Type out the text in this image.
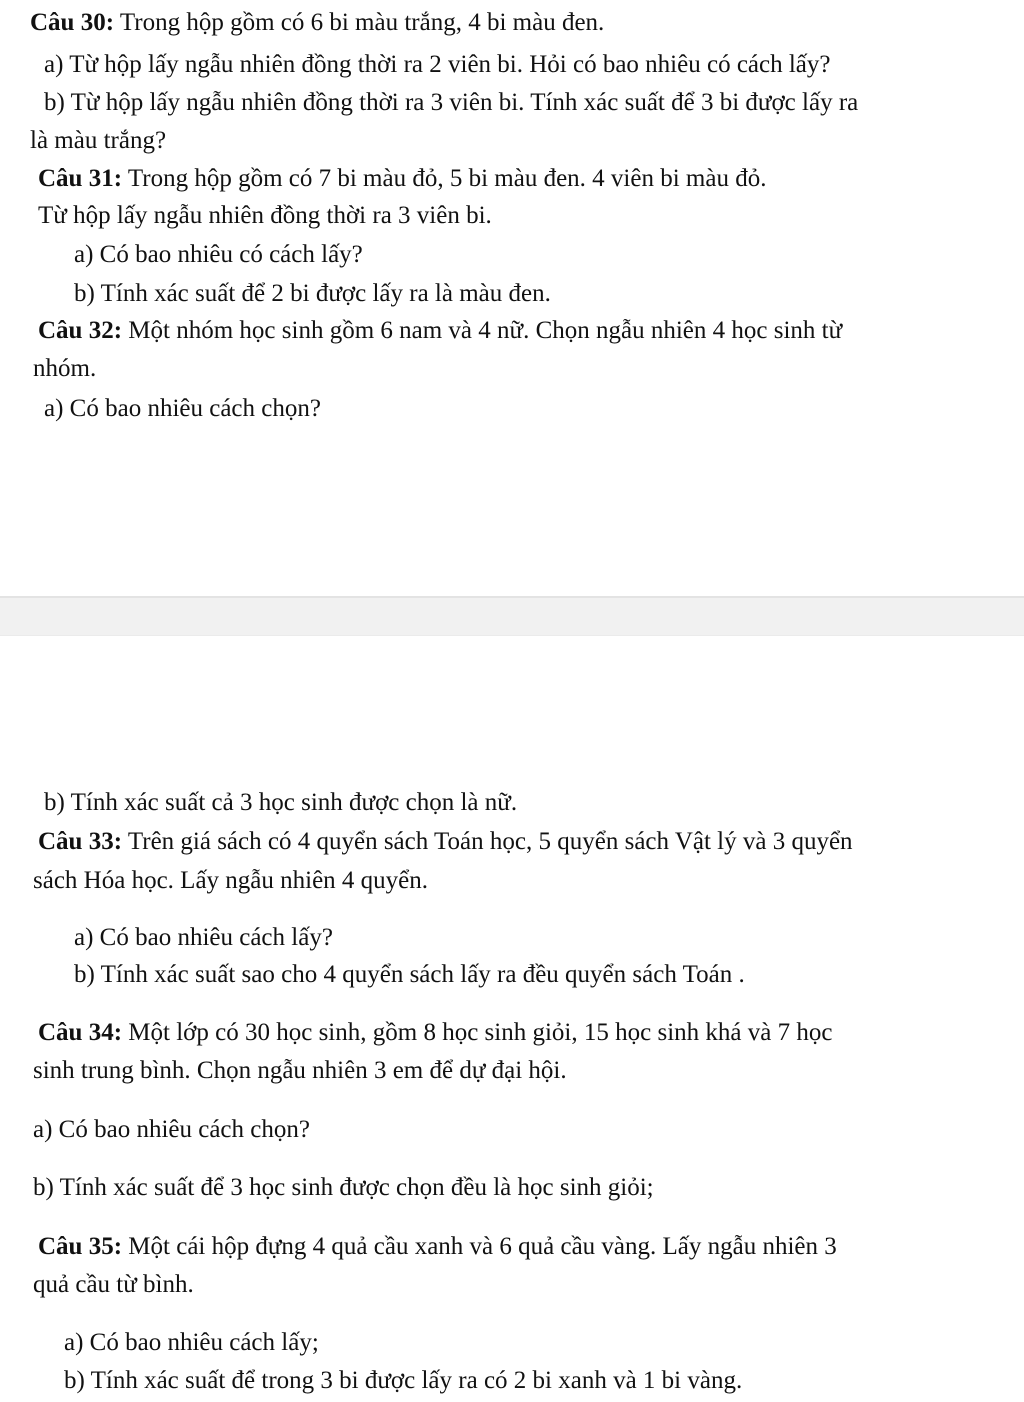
Câu 30: Trong hộp gồm có 6 bi màu trắng, 4 bi màu đen.
a) Từ hộp lấy ngẫu nhiên đồng thời ra 2 viên bi. Hỏi có bao nhiêu có cách lấy?
b) Từ hộp lấy ngẫu nhiên đồng thời ra 3 viên bi. Tính xác suất để 3 bi được lấy ra
là màu trắng?
Câu 31: Trong hộp gồm có 7 bi màu đỏ, 5 bi màu đen. 4 viên bi màu đỏ.
Từ hộp lấy ngẫu nhiên đồng thời ra 3 viên bi.
a) Có bao nhiêu có cách lấy?
b) Tính xác suất để 2 bi được lấy ra là màu đen.
Câu 32: Một nhóm học sinh gồm 6 nam và 4 nữ. Chọn ngẫu nhiên 4 học sinh từ
nhóm.
a) Có bao nhiêu cách chọn?
b) Tính xác suất cả 3 học sinh được chọn là nữ.
Câu 33: Trên giá sách có 4 quyển sách Toán học, 5 quyển sách Vật lý và 3 quyển
sách Hóa học. Lấy ngẫu nhiên 4 quyển.
a) Có bao nhiêu cách lấy?
b) Tính xác suất sao cho 4 quyển sách lấy ra đều quyển sách Toán .
Câu 34: Một lớp có 30 học sinh, gồm 8 học sinh giỏi, 15 học sinh khá và 7 học
sinh trung bình. Chọn ngẫu nhiên 3 em để dự đại hội.
a) Có bao nhiêu cách chọn?
b) Tính xác suất để 3 học sinh được chọn đều là học sinh giỏi;
Câu 35: Một cái hộp đựng 4 quả cầu xanh và 6 quả cầu vàng. Lấy ngẫu nhiên 3
quả cầu từ bình.
a) Có bao nhiêu cách lấy;
b) Tính xác suất để trong 3 bi được lấy ra có 2 bi xanh và 1 bi vàng.
